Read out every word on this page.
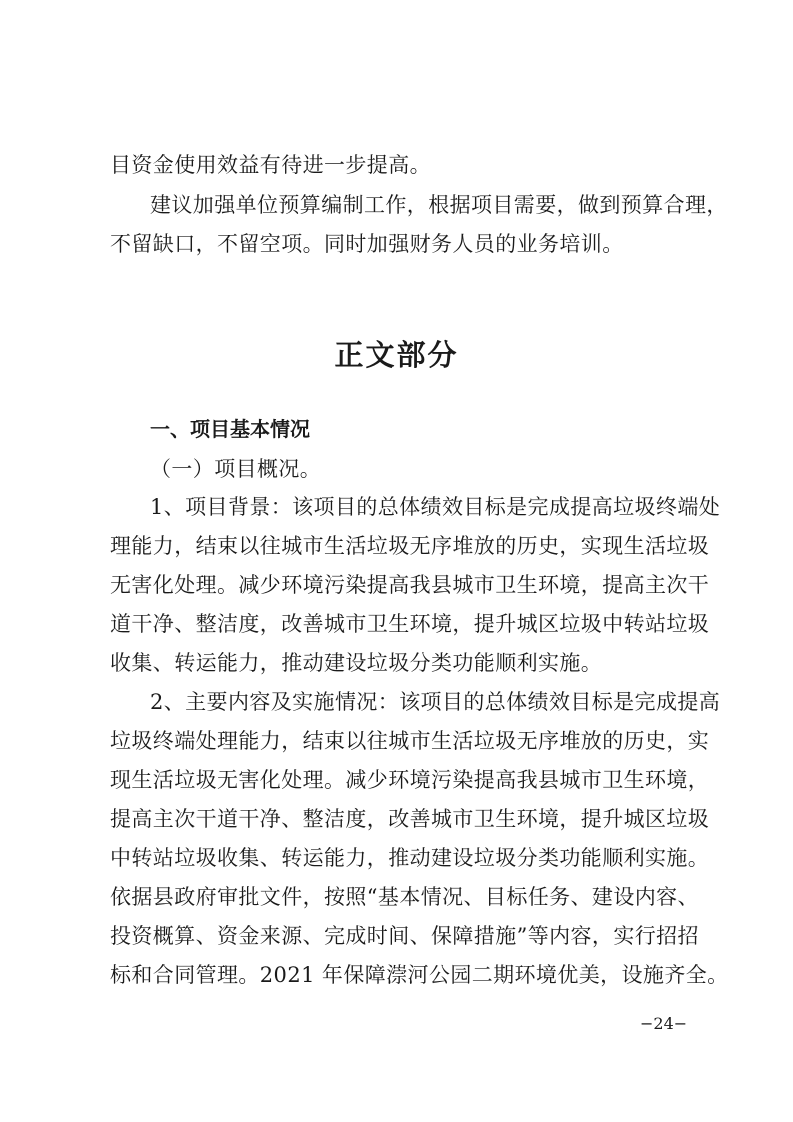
目资金使用效益有待进一步提高。
建议加强单位预算编制工作，根据项目需要，做到预算合理，
不留缺口，不留空项。同时加强财务人员的业务培训。
正文部分
一、项目基本情况
（一）项目概况。
1、项目背景：该项目的总体绩效目标是完成提高垃圾终端处
理能力，结束以往城市生活垃圾无序堆放的历史，实现生活垃圾
无害化处理。减少环境污染提高我县城市卫生环境，提高主次干
道干净、整洁度，改善城市卫生环境，提升城区垃圾中转站垃圾
收集、转运能力，推动建设垃圾分类功能顺利实施。
2、主要内容及实施情况：该项目的总体绩效目标是完成提高
垃圾终端处理能力，结束以往城市生活垃圾无序堆放的历史，实
现生活垃圾无害化处理。减少环境污染提高我县城市卫生环境，
提高主次干道干净、整洁度，改善城市卫生环境，提升城区垃圾
中转站垃圾收集、转运能力，推动建设垃圾分类功能顺利实施。
依据县政府审批文件，按照“基本情况、目标任务、建设内容、
投资概算、资金来源、完成时间、保障措施”等内容，实行招招
标和合同管理。2021 年保障漴河公园二期环境优美，设施齐全。
−24−
